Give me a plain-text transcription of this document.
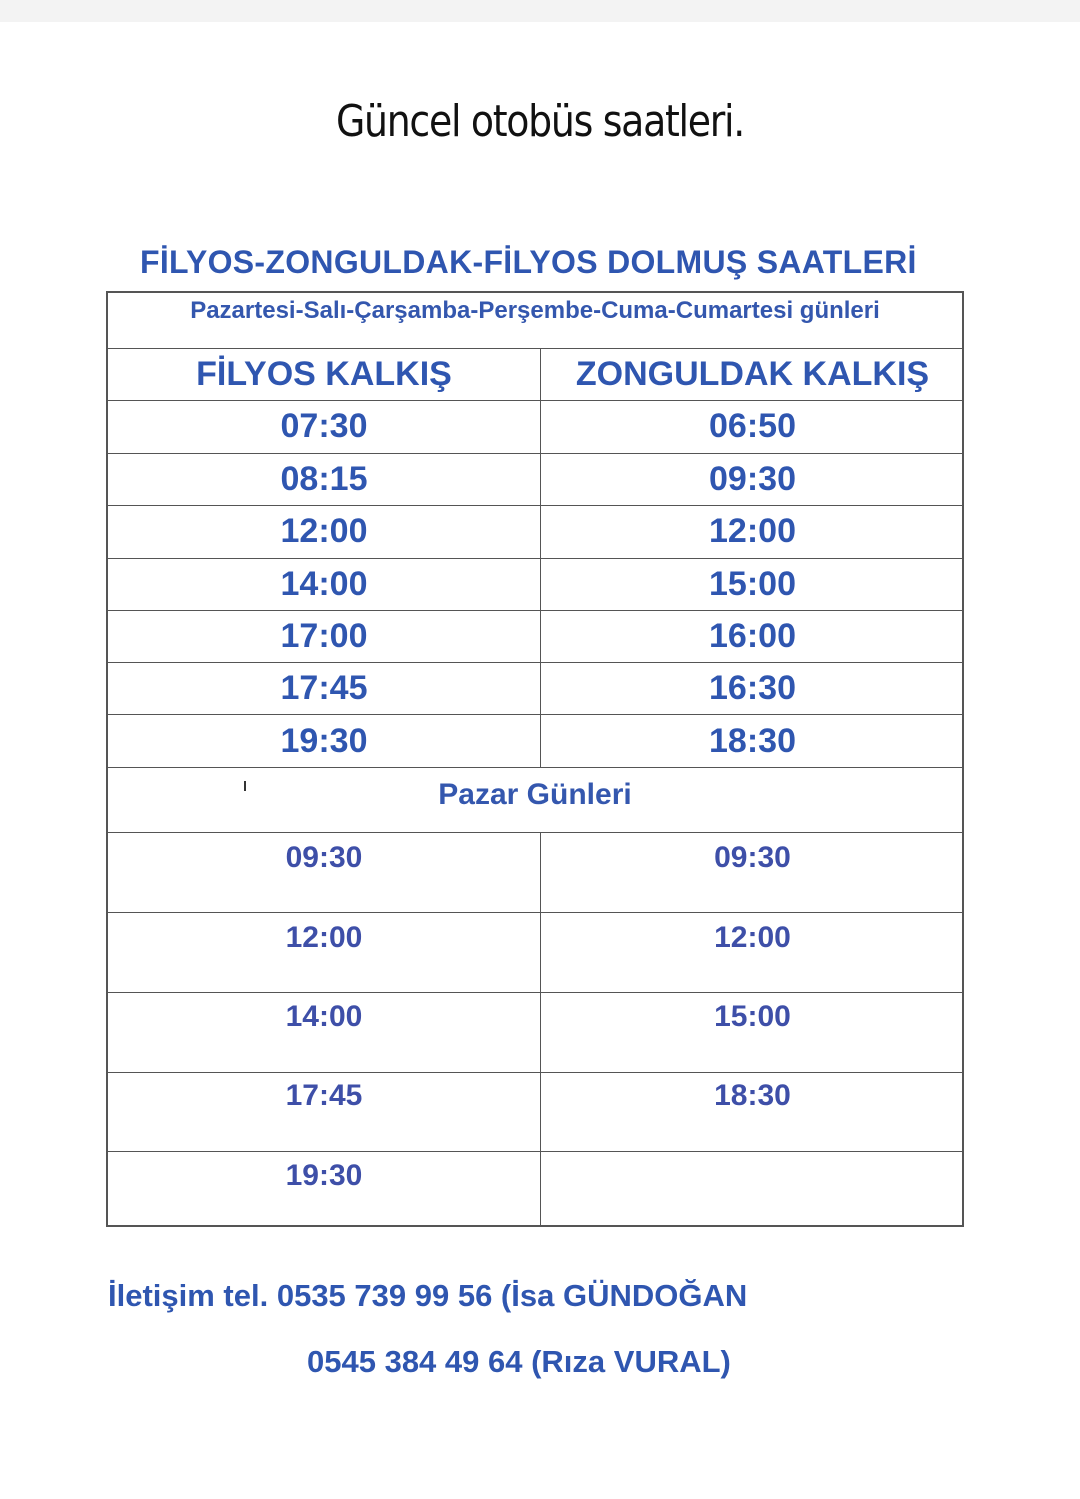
Güncel otobüs saatleri.
FİLYOS-ZONGULDAK-FİLYOS DOLMUŞ SAATLERİ
Pazartesi-Salı-Çarşamba-Perşembe-Cuma-Cumartesi günleri
FİLYOS KALKIŞ	ZONGULDAK KALKIŞ
07:30	06:50
08:15	09:30
12:00	12:00
14:00	15:00
17:00	16:00
17:45	16:30
19:30	18:30
Pazar Günleri
09:30	09:30
12:00	12:00
14:00	15:00
17:45	18:30
19:30
İletişim tel. 0535 739 99 56 (İsa GÜNDOĞAN
0545 384 49 64 (Rıza VURAL)
